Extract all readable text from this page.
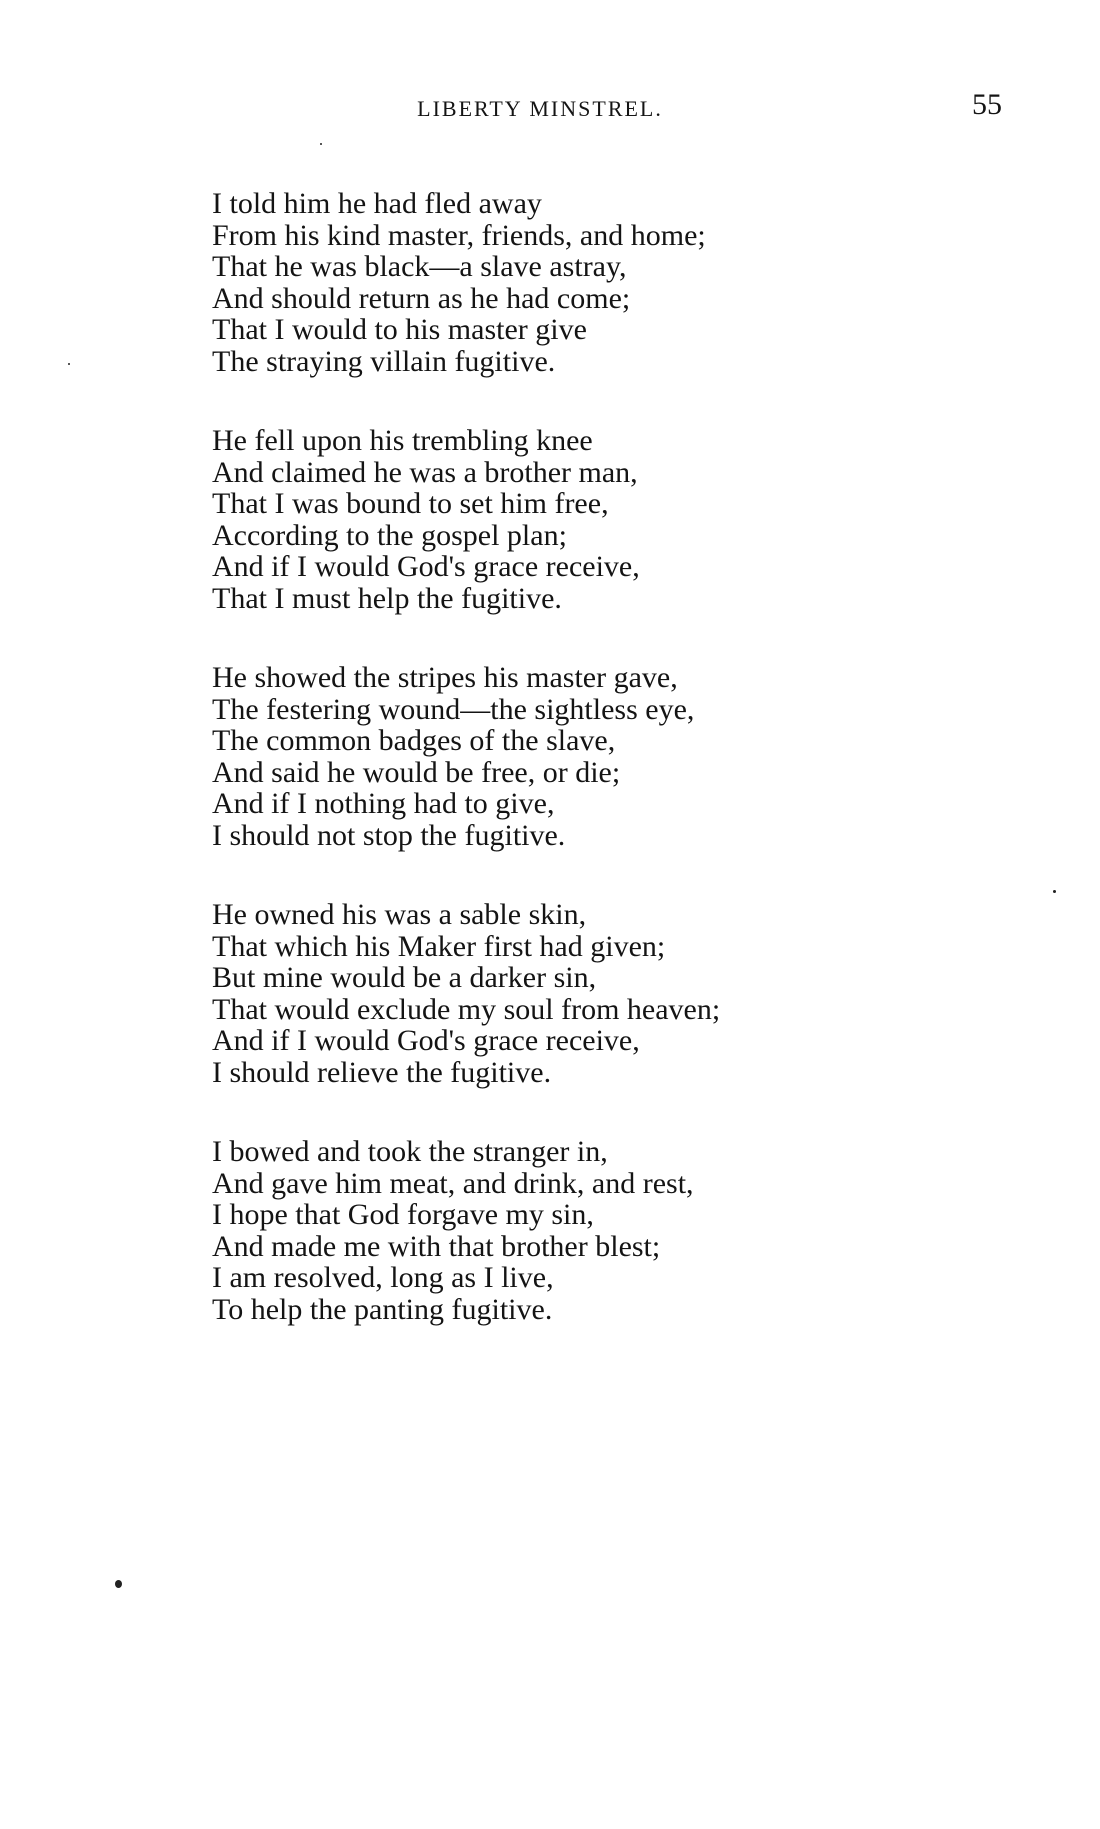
LIBERTY MINSTREL.	55
I told him he had fled away
From his kind master, friends, and home;
That he was black—a slave astray,
And should return as he had come;
That I would to his master give
The straying villain fugitive.
He fell upon his trembling knee
And claimed he was a brother man,
That I was bound to set him free,
According to the gospel plan;
And if I would God's grace receive,
That I must help the fugitive.
He showed the stripes his master gave,
The festering wound—the sightless eye,
The common badges of the slave,
And said he would be free, or die;
And if I nothing had to give,
I should not stop the fugitive.
He owned his was a sable skin,
That which his Maker first had given;
But mine would be a darker sin,
That would exclude my soul from heaven;
And if I would God's grace receive,
I should relieve the fugitive.
I bowed and took the stranger in,
And gave him meat, and drink, and rest,
I hope that God forgave my sin,
And made me with that brother blest;
I am resolved, long as I live,
To help the panting fugitive.
